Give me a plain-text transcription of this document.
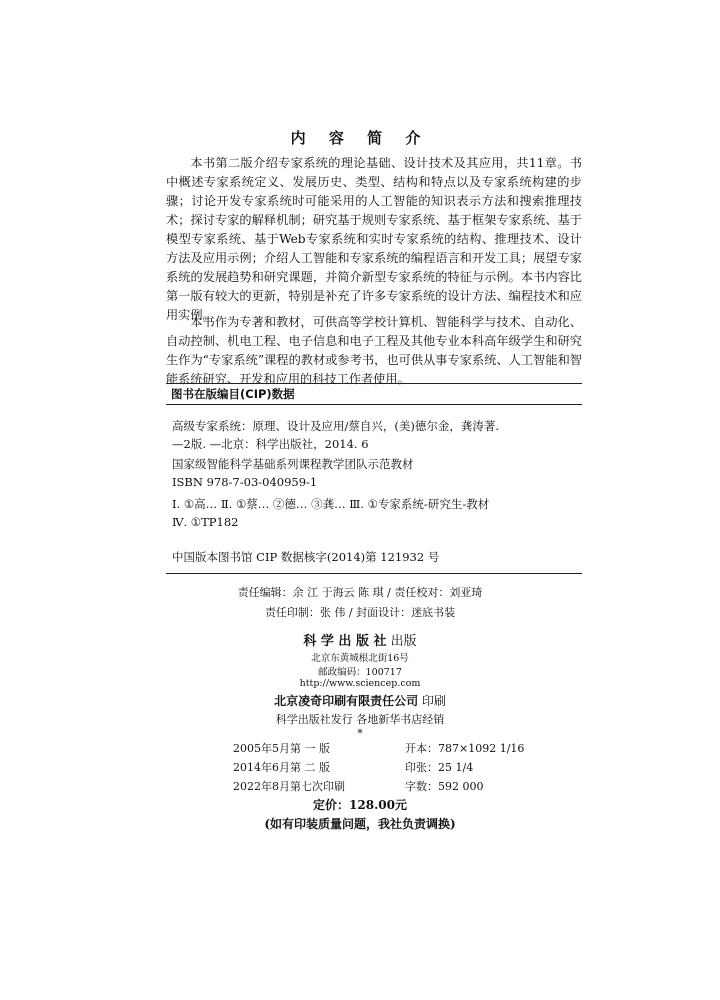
内 容 简 介

本书第二版介绍专家系统的理论基础、设计技术及其应用，共11章。书中概述专家系统定义、发展历史、类型、结构和特点以及专家系统构建的步骤；讨论开发专家系统时可能采用的人工智能的知识表示方法和搜索推理技术；探讨专家的解释机制；研究基于规则专家系统、基于框架专家系统、基于模型专家系统、基于Web专家系统和实时专家系统的结构、推理技术、设计方法及应用示例；介绍人工智能和专家系统的编程语言和开发工具；展望专家系统的发展趋势和研究课题，并简介新型专家系统的特征与示例。本书内容比第一版有较大的更新，特别是补充了许多专家系统的设计方法、编程技术和应用实例。

本书作为专著和教材，可供高等学校计算机、智能科学与技术、自动化、自动控制、机电工程、电子信息和电子工程及其他专业本科高年级学生和研究生作为“专家系统”课程的教材或参考书，也可供从事专家系统、人工智能和智能系统研究、开发和应用的科技工作者使用。

图书在版编目(CIP)数据
高级专家系统：原理、设计及应用/蔡自兴，(美)德尔金，龚涛著.
—2版. —北京：科学出版社，2014. 6
国家级智能科学基础系列课程教学团队示范教材
ISBN 978-7-03-040959-1
Ⅰ. ①高… Ⅱ. ①蔡… ②德… ③龚… Ⅲ. ①专家系统-研究生-教材
Ⅳ. ①TP182
中国版本图书馆 CIP 数据核字(2014)第 121932 号
责任编辑：余 江 于海云 陈 琪 / 责任校对：刘亚琦
责任印制：张 伟 / 封面设计：迷底书装
科 学 出 版 社 出版
北京东黄城根北街16号
邮政编码：100717
http://www.sciencep.com
北京凌奇印刷有限责任公司 印刷
科学出版社发行 各地新华书店经销
*
2005年5月第 一 版	开本：787×1092 1/16
2014年6月第 二 版	印张：25 1/4
2022年8月第七次印刷	字数：592 000
定价：128.00元
(如有印装质量问题，我社负责调换)
